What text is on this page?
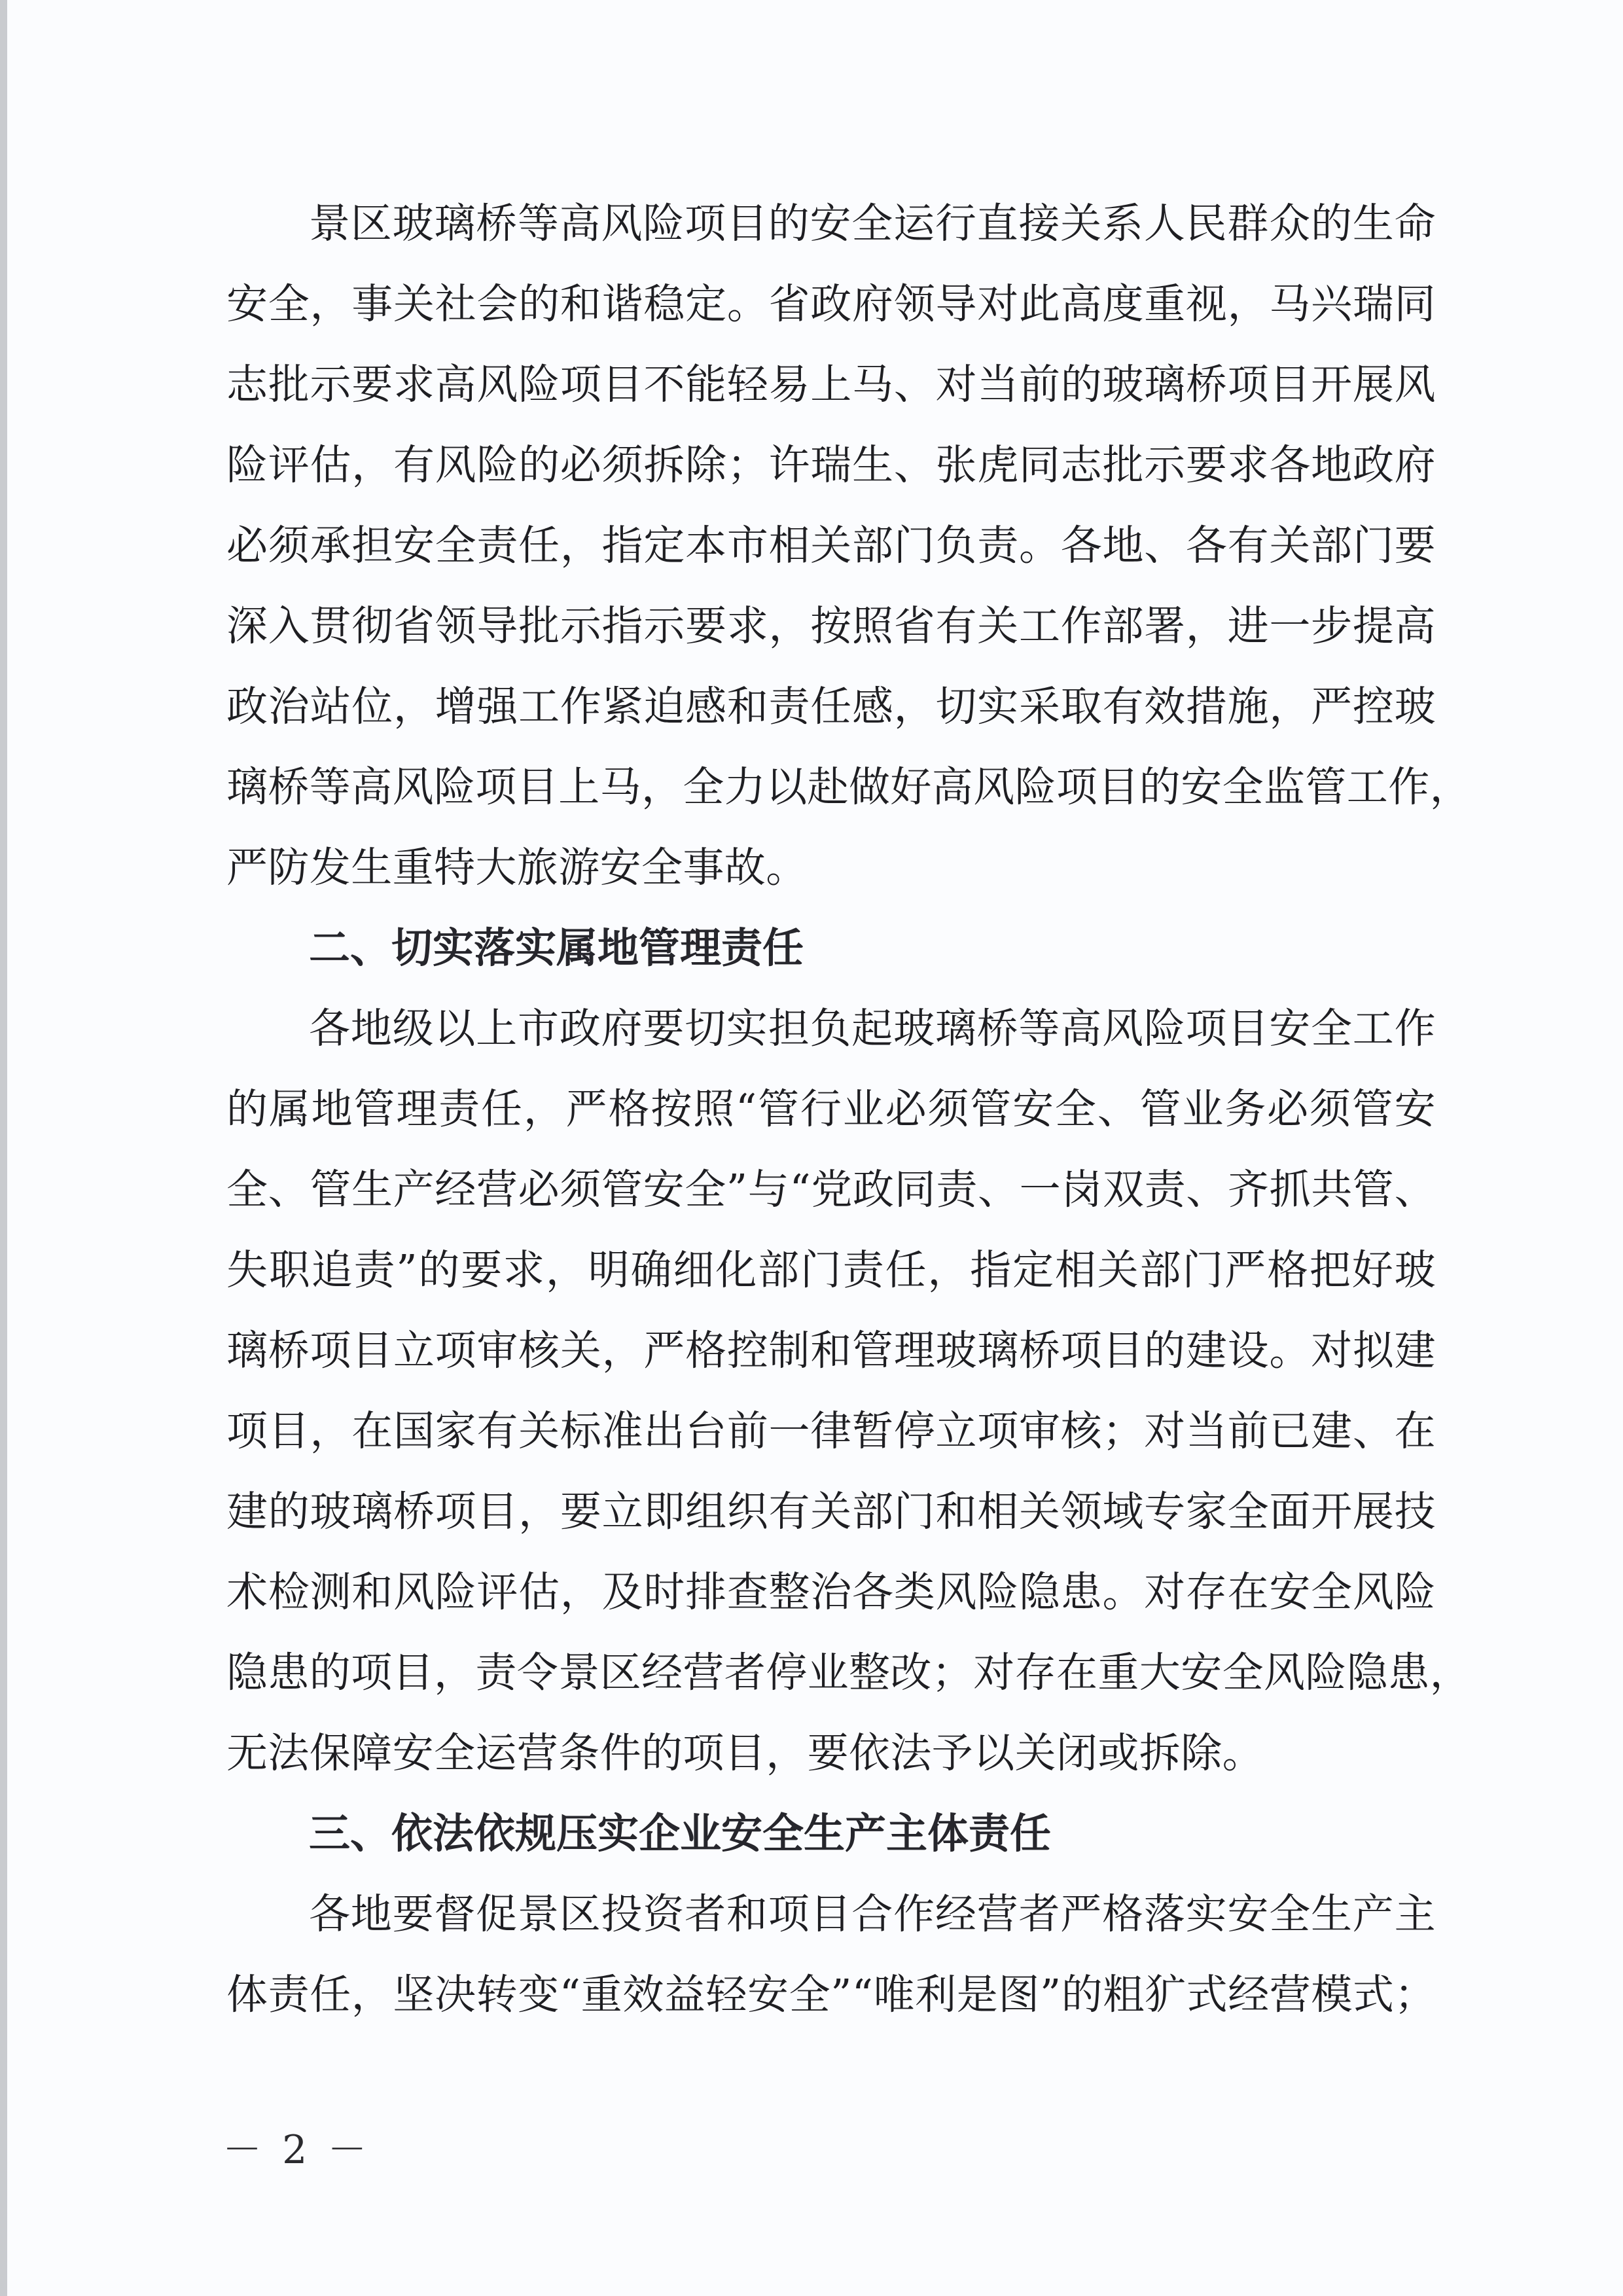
景区玻璃桥等高风险项目的安全运行直接关系人民群众的生命
安全，事关社会的和谐稳定。省政府领导对此高度重视，马兴瑞同
志批示要求高风险项目不能轻易上马、对当前的玻璃桥项目开展风
险评估，有风险的必须拆除；许瑞生、张虎同志批示要求各地政府
必须承担安全责任，指定本市相关部门负责。各地、各有关部门要
深入贯彻省领导批示指示要求，按照省有关工作部署，进一步提高
政治站位，增强工作紧迫感和责任感，切实采取有效措施，严控玻
璃桥等高风险项目上马，全力以赴做好高风险项目的安全监管工作，
严防发生重特大旅游安全事故。
二、切实落实属地管理责任
各地级以上市政府要切实担负起玻璃桥等高风险项目安全工作
的属地管理责任，严格按照“管行业必须管安全、管业务必须管安
全、管生产经营必须管安全”与“党政同责、一岗双责、齐抓共管、
失职追责”的要求，明确细化部门责任，指定相关部门严格把好玻
璃桥项目立项审核关，严格控制和管理玻璃桥项目的建设。对拟建
项目，在国家有关标准出台前一律暂停立项审核；对当前已建、在
建的玻璃桥项目，要立即组织有关部门和相关领域专家全面开展技
术检测和风险评估，及时排查整治各类风险隐患。对存在安全风险
隐患的项目，责令景区经营者停业整改；对存在重大安全风险隐患，
无法保障安全运营条件的项目，要依法予以关闭或拆除。
三、依法依规压实企业安全生产主体责任
各地要督促景区投资者和项目合作经营者严格落实安全生产主
体责任，坚决转变“重效益轻安全”“唯利是图”的粗犷式经营模式；
－ 2 －
